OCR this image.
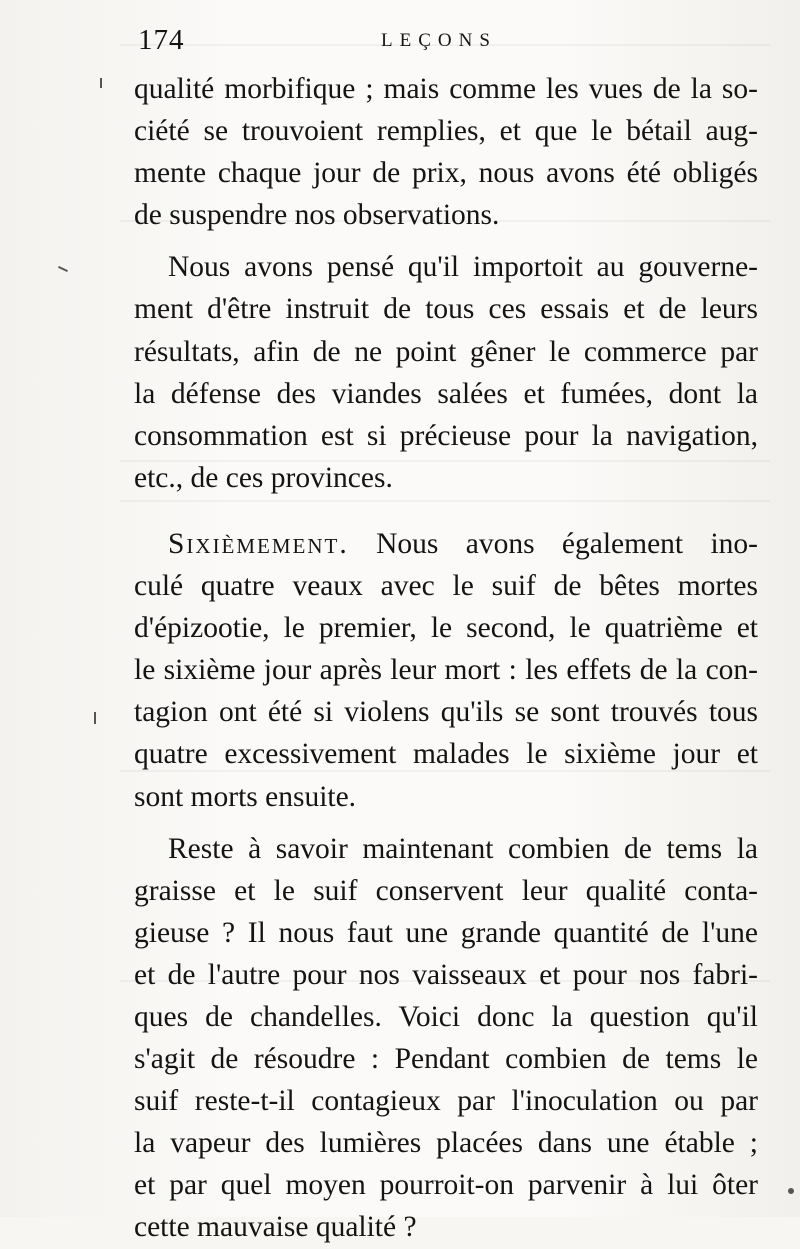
174	LEÇONS

qualité morbifique ; mais comme les vues de la so-
ciété se trouvoient remplies, et que le bétail aug-
mente chaque jour de prix, nous avons été obligés
de suspendre nos observations.

Nous avons pensé qu'il importoit au gouverne-
ment d'être instruit de tous ces essais et de leurs
résultats, afin de ne point gêner le commerce par
la défense des viandes salées et fumées, dont la
consommation est si précieuse pour la navigation,
etc., de ces provinces.

Sixièmement. Nous avons également ino-
culé quatre veaux avec le suif de bêtes mortes
d'épizootie, le premier, le second, le quatrième et
le sixième jour après leur mort : les effets de la con-
tagion ont été si violens qu'ils se sont trouvés tous
quatre excessivement malades le sixième jour et
sont morts ensuite.

Reste à savoir maintenant combien de tems la
graisse et le suif conservent leur qualité conta-
gieuse ? Il nous faut une grande quantité de l'une
et de l'autre pour nos vaisseaux et pour nos fabri-
ques de chandelles. Voici donc la question qu'il
s'agit de résoudre : Pendant combien de tems le
suif reste-t-il contagieux par l'inoculation ou par
la vapeur des lumières placées dans une étable ;
et par quel moyen pourroit-on parvenir à lui ôter
cette mauvaise qualité ?
